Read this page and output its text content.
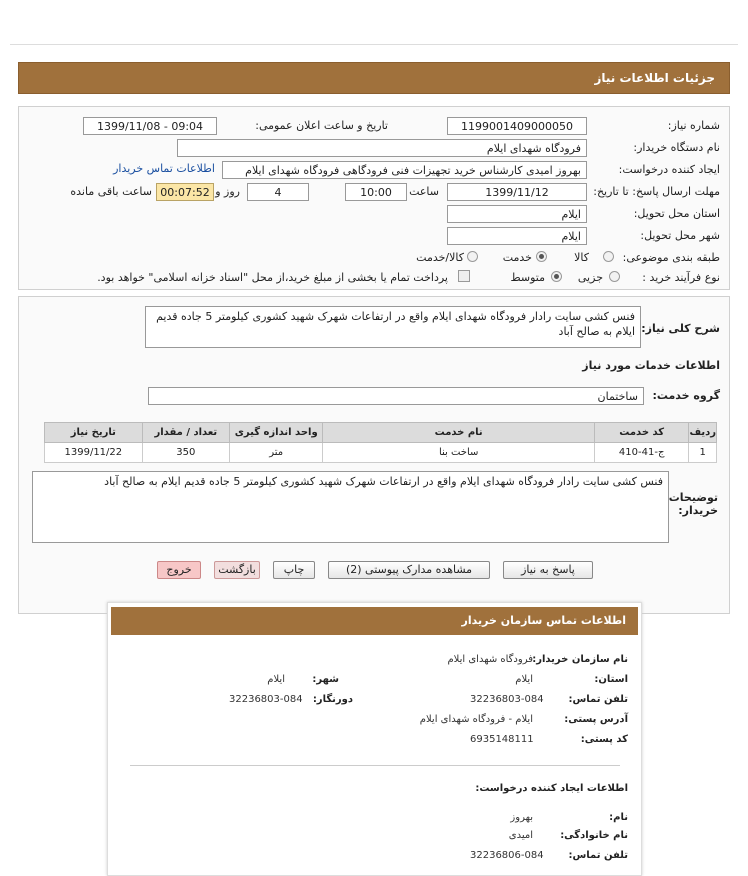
جزئیات اطلاعات نیاز
شماره نیاز:
1199001409000050
تاریخ و ساعت اعلان عمومی:
1399/11/08 - 09:04
نام دستگاه خریدار:
فرودگاه شهدای ایلام
ایجاد کننده درخواست:
بهروز امیدی کارشناس خرید تجهیزات فنی فرودگاهی فرودگاه شهدای ایلام
اطلاعات تماس خریدار
مهلت ارسال پاسخ: تا تاریخ:
1399/11/12
ساعت
10:00
4
روز و
00:07:52
ساعت باقی مانده
استان محل تحویل:
ایلام
شهر محل تحویل:
ایلام
طبقه بندی موضوعی:
کالا
خدمت
کالا/خدمت
نوع فرآیند خرید :
جزیی
متوسط
پرداخت تمام یا بخشی از مبلغ خرید،از محل "اسناد خزانه اسلامی" خواهد بود.
شرح کلی نیاز:
فنس کشی سایت رادار فرودگاه شهدای ایلام واقع در ارتفاعات شهرک شهید کشوری کیلومتر 5 جاده قدیم ایلام به صالح آباد
اطلاعات خدمات مورد نیاز
گروه خدمت:
ساختمان
ردیف	کد خدمت	نام خدمت	واحد اندازه گیری	تعداد / مقدار	تاریخ نیاز
1	ج-41-410	ساخت بنا	متر	350	1399/11/22
توضیحات خریدار:
فنس کشی سایت رادار فرودگاه شهدای ایلام واقع در ارتفاعات شهرک شهید کشوری کیلومتر 5 جاده قدیم ایلام به صالح آباد
پاسخ به نیاز
مشاهده مدارک پیوستی (2)
چاپ
بازگشت
خروج
اطلاعات تماس سازمان خریدار
نام سازمان خریدار:
فرودگاه شهدای ایلام
استان:
ایلام
شهر:
ایلام
تلفن تماس:
32236803-084
دورنگار:
32236803-084
آدرس پستی:
ایلام - فرودگاه شهدای ایلام
کد پستی:
6935148111
اطلاعات ایجاد کننده درخواست:
نام:
بهروز
نام خانوادگی:
امیدی
تلفن تماس:
32236806-084
